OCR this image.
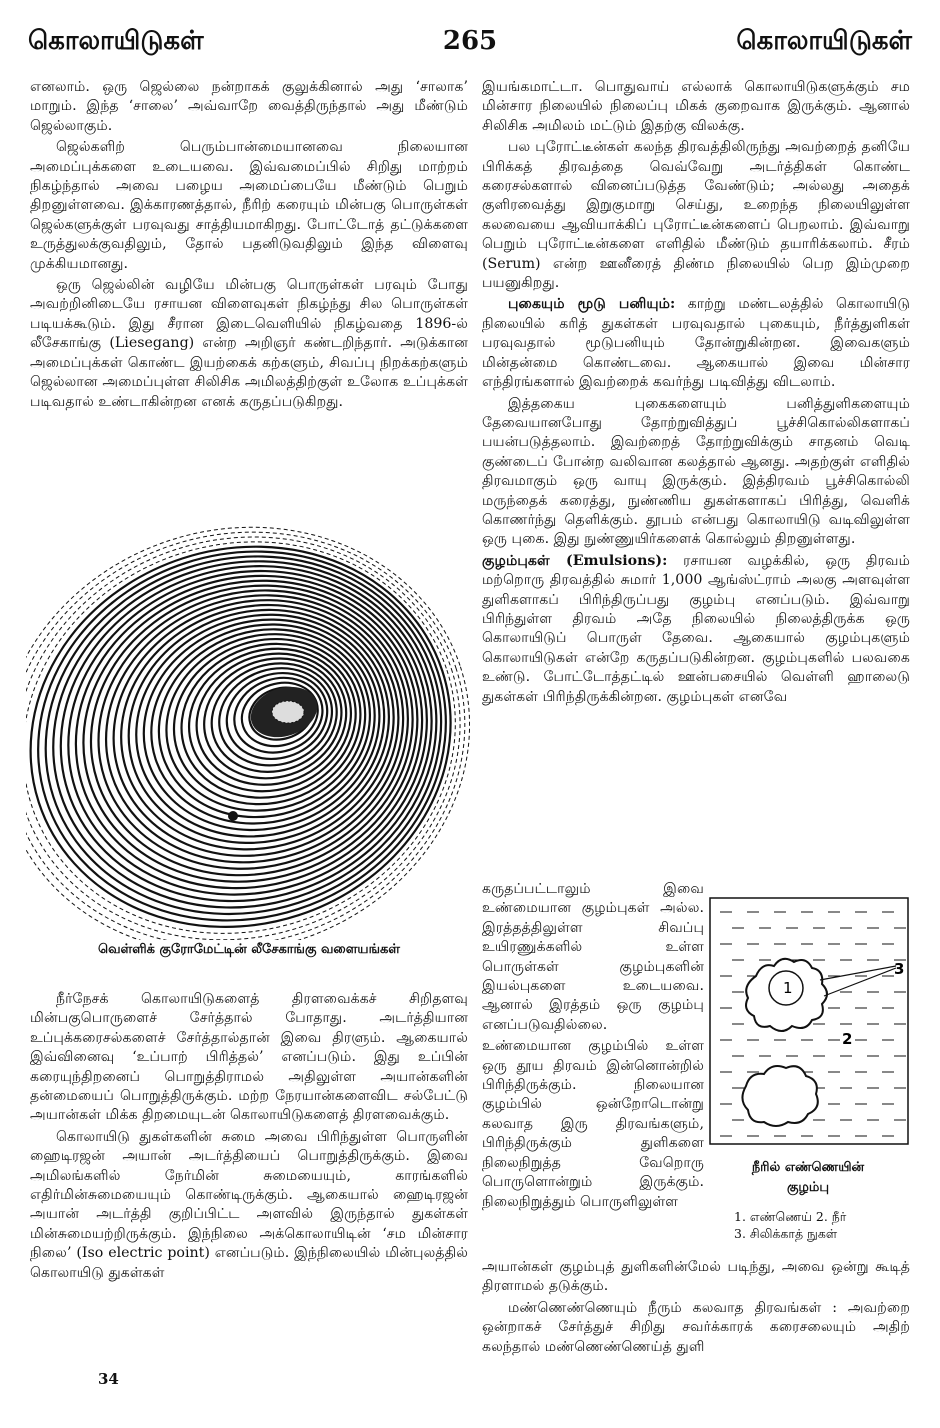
கொலாயிடுகள்	265	கொலாயிடுகள்

எனலாம். ஒரு ஜெல்லை நன்றாகக் குலுக்கினால் அது ‘சாலாக’ மாறும். இந்த ‘சாலை’ அவ்வாறே வைத்திருந்தால் அது மீண்டும் ஜெல்லாகும்.

ஜெல்களிற் பெரும்பான்மையானவை நிலையான அமைப்புக்களை உடையவை. இவ்வமைப்பில் சிறிது மாற்றம் நிகழ்ந்தால் அவை பழைய அமைப்பையே மீண்டும் பெறும் திறனுள்ளவை. இக்காரணத்தால், நீரிற் கரையும் மின்பகு பொருள்கள் ஜெல்களுக்குள் பரவுவது சாத்தியமாகிறது. போட்டோத் தட்டுக்களை உருத்துலக்குவதிலும், தோல் பதனிடுவதிலும் இந்த விளைவு முக்கியமானது.

ஒரு ஜெல்லின் வழியே மின்பகு பொருள்கள் பரவும் போது அவற்றினிடையே ரசாயன விளைவுகள் நிகழ்ந்து சில பொருள்கள் படியக்கூடும். இது சீரான இடைவெளியில் நிகழ்வதை 1896-ல் லீசேகாங்கு (Liesegang) என்ற அறிஞர் கண்டறிந்தார். அடுக்கான அமைப்புக்கள் கொண்ட இயற்கைக் கற்களும், சிவப்பு நிறக்கற்களும் ஜெல்லான அமைப்புள்ள சிலிசிக அமிலத்திற்குள் உலோக உப்புக்கள் படிவதால் உண்டாகின்றன எனக் கருதப்படுகிறது.

வெள்ளிக் குரோமேட்டின் லீசேகாங்கு வளையங்கள்

நீர்நேசக் கொலாயிடுகளைத் திரளவைக்கச் சிறிதளவு மின்பகுபொருளைச் சேர்த்தால் போதாது. அடர்த்தியான உப்புக்கரைசல்களைச் சேர்த்தால்தான் இவை திரளும். ஆகையால் இவ்வினைவு ‘உப்பாற் பிரித்தல்’ எனப்படும். இது உப்பின் கரையுந்திறனைப் பொறுத்திராமல் அதிலுள்ள அயான்களின் தன்மையைப் பொறுத்திருக்கும். மற்ற நேரயான்களைவிட சல்பேட்டு அயான்கள் மிக்க திறமையுடன் கொலாயிடுகளைத் திரளவைக்கும்.

கொலாயிடு துகள்களின் சுமை அவை பிரிந்துள்ள பொருளின் ஹைடிரஜன் அயான் அடர்த்தியைப் பொறுத்திருக்கும். இவை அமிலங்களில் நேர்மின் சுமையையும், காரங்களில் எதிர்மின்சுமையையும் கொண்டிருக்கும். ஆகையால் ஹைடிரஜன் அயான் அடர்த்தி குறிப்பிட்ட அளவில் இருந்தால் துகள்கள் மின்சுமையற்றிருக்கும். இந்நிலை அக்கொலாயிடின் ‘சம மின்சார நிலை’ (Iso electric point) எனப்படும். இந்நிலையில் மின்புலத்தில் கொலாயிடு துகள்கள்

இயங்கமாட்டா. பொதுவாய் எல்லாக் கொலாயிடுகளுக்கும் சம மின்சார நிலையில் நிலைப்பு மிகக் குறைவாக இருக்கும். ஆனால் சிலிசிக அமிலம் மட்டும் இதற்கு விலக்கு.

பல புரோட்டீன்கள் கலந்த திரவத்திலிருந்து அவற்றைத் தனியே பிரிக்கத் திரவத்தை வெவ்வேறு அடர்த்திகள் கொண்ட கரைசல்களால் வினைப்படுத்த வேண்டும்; அல்லது அதைக் குளிரவைத்து இறுகுமாறு செய்து, உறைந்த நிலையிலுள்ள கலவையை ஆவியாக்கிப் புரோட்டீன்களைப் பெறலாம். இவ்வாறு பெறும் புரோட்டீன்களை எளிதில் மீண்டும் தயாரிக்கலாம். சீரம் (Serum) என்ற ஊனீரைத் திண்ம நிலையில் பெற இம்முறை பயனுகிறது.

புகையும் மூடு பனியும்: காற்று மண்டலத்தில் கொலாயிடு நிலையில் கரித் துகள்கள் பரவுவதால் புகையும், நீர்த்துளிகள் பரவுவதால் மூடுபனியும் தோன்றுகின்றன. இவைகளும் மின்தன்மை கொண்டவை. ஆகையால் இவை மின்சார எந்திரங்களால் இவற்றைக் கவர்ந்து படிவித்து விடலாம்.

இத்தகைய புகைகளையும் பனித்துளிகளையும் தேவையானபோது தோற்றுவித்துப் பூச்சிகொல்லிகளாகப் பயன்படுத்தலாம். இவற்றைத் தோற்றுவிக்கும் சாதனம் வெடி குண்டைப் போன்ற வலிவான கலத்தால் ஆனது. அதற்குள் எளிதில் திரவமாகும் ஒரு வாயு இருக்கும். இத்திரவம் பூச்சிகொல்லி மருந்தைக் கரைத்து, நுண்ணிய துகள்களாகப் பிரித்து, வெளிக் கொணர்ந்து தெளிக்கும். தூபம் என்பது கொலாயிடு வடிவிலுள்ள ஒரு புகை. இது நுண்ணுயிர்களைக் கொல்லும் திறனுள்ளது.

குழம்புகள் (Emulsions): ரசாயன வழக்கில், ஒரு திரவம் மற்றொரு திரவத்தில் சுமார் 1,000 ஆங்ஸ்ட்ராம் அலகு அளவுள்ள துளிகளாகப் பிரிந்திருப்பது குழம்பு எனப்படும். இவ்வாறு பிரிந்துள்ள திரவம் அதே நிலையில் நிலைத்திருக்க ஒரு கொலாயிடுப் பொருள் தேவை. ஆகையால் குழம்புகளும் கொலாயிடுகள் என்றே கருதப்படுகின்றன. குழம்புகளில் பலவகை உண்டு. போட்டோத்தட்டில் ஊன்பசையில் வெள்ளி ஹாலைடு துகள்கள் பிரிந்திருக்கின்றன. குழம்புகள் எனவே

கருதப்பட்டாலும் இவை உண்மையான குழம்புகள் அல்ல. இரத்தத்திலுள்ள சிவப்பு உயிரணுக்களில் உள்ள பொருள்கள் குழம்புகளின் இயல்புகளை உடையவை. ஆனால் இரத்தம் ஒரு குழம்பு எனப்படுவதில்லை.

உண்மையான குழம்பில் உள்ள ஒரு தூய திரவம் இன்னொன்றில் பிரிந்திருக்கும். நிலையான குழம்பில் ஒன்றோடொன்று கலவாத இரு திரவங்களும், பிரிந்திருக்கும் துளிகளை நிலைநிறுத்த வேறொரு பொருளொன்றும் இருக்கும். நிலைநிறுத்தும் பொருளிலுள்ள

1
3
2
நீரில் எண்ணெயின்
குழம்பு
1. எண்ணெய் 2. நீர்
3. சிலிக்காத் நுகள்

அயான்கள் குழம்புத் துளிகளின்மேல் படிந்து, அவை ஒன்று கூடித் திரளாமல் தடுக்கும்.

மண்ணெண்ணெயும் நீரும் கலவாத திரவங்கள் : அவற்றை ஒன்றாகச் சேர்த்துச் சிறிது சவர்க்காரக் கரைசலையும் அதிற் கலந்தால் மண்ணெண்ணெய்த் துளி

34
